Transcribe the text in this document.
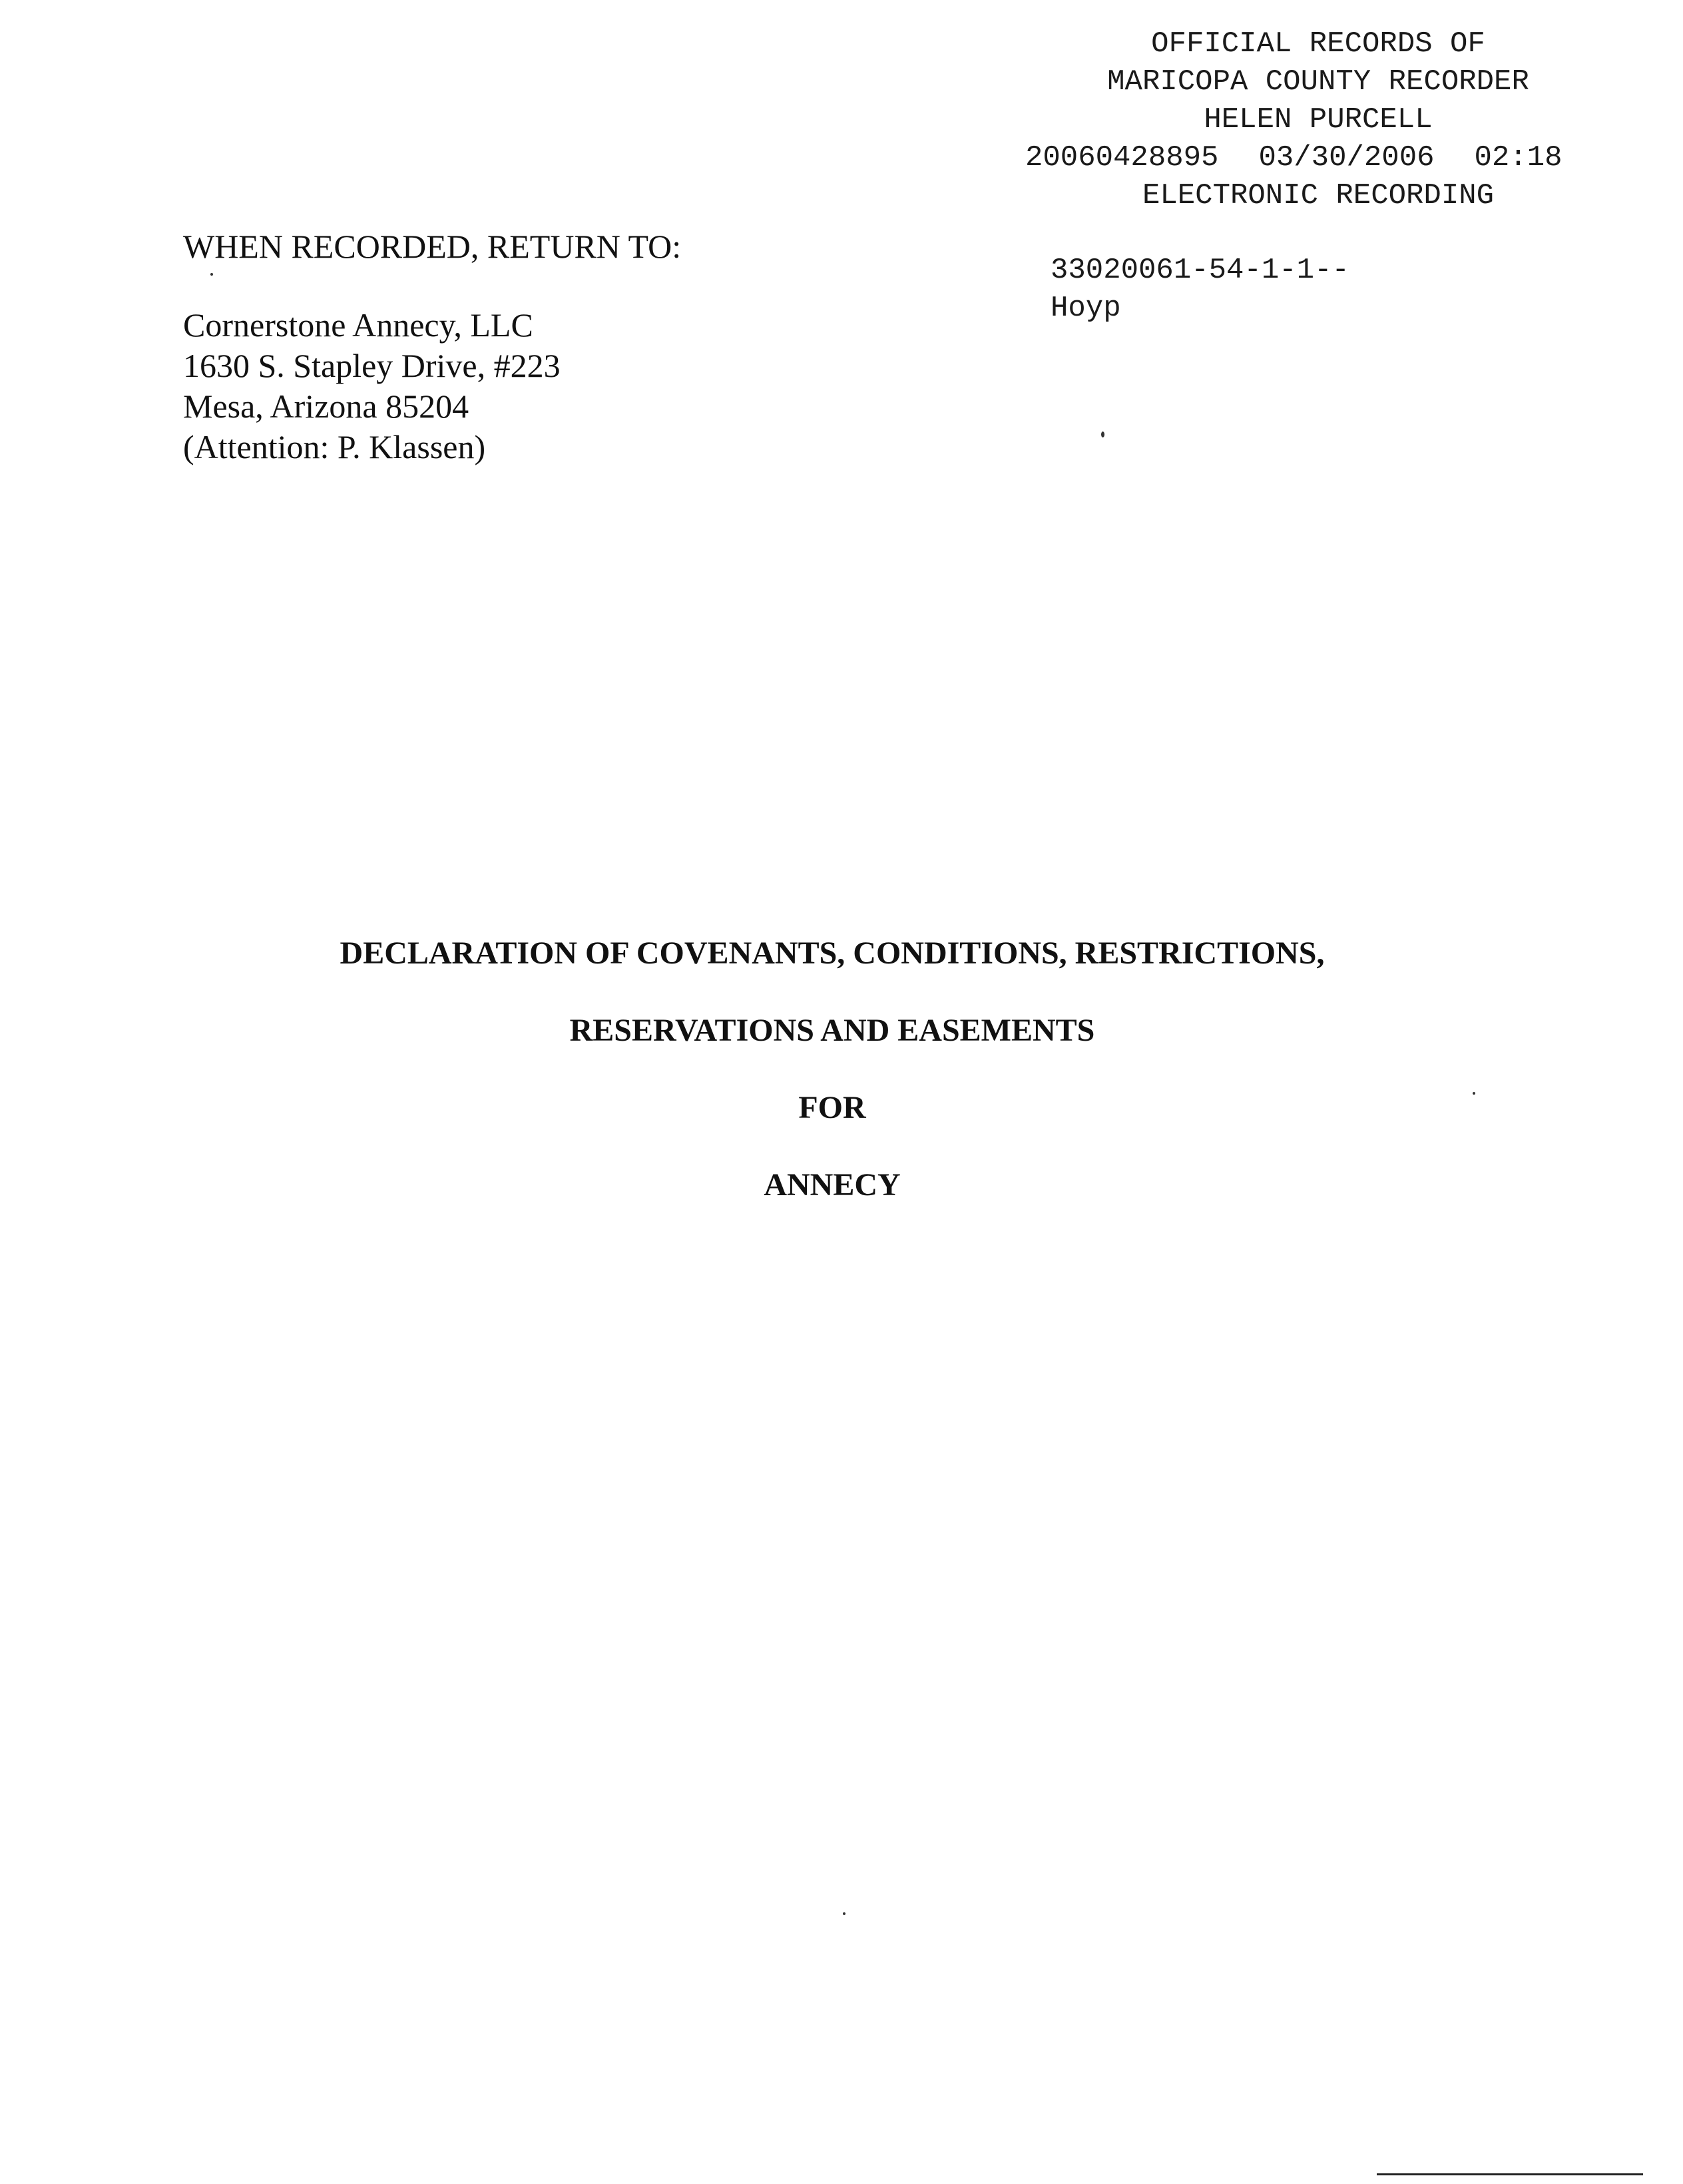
OFFICIAL RECORDS OF
MARICOPA COUNTY RECORDER
HELEN PURCELL
20060428895 03/30/2006 02:18
ELECTRONIC RECORDING
33020061-54-1-1--
Hoyp
WHEN RECORDED, RETURN TO:
Cornerstone Annecy, LLC
1630 S. Stapley Drive, #223
Mesa, Arizona 85204
(Attention: P. Klassen)
DECLARATION OF COVENANTS, CONDITIONS, RESTRICTIONS,
RESERVATIONS AND EASEMENTS
FOR
ANNECY
